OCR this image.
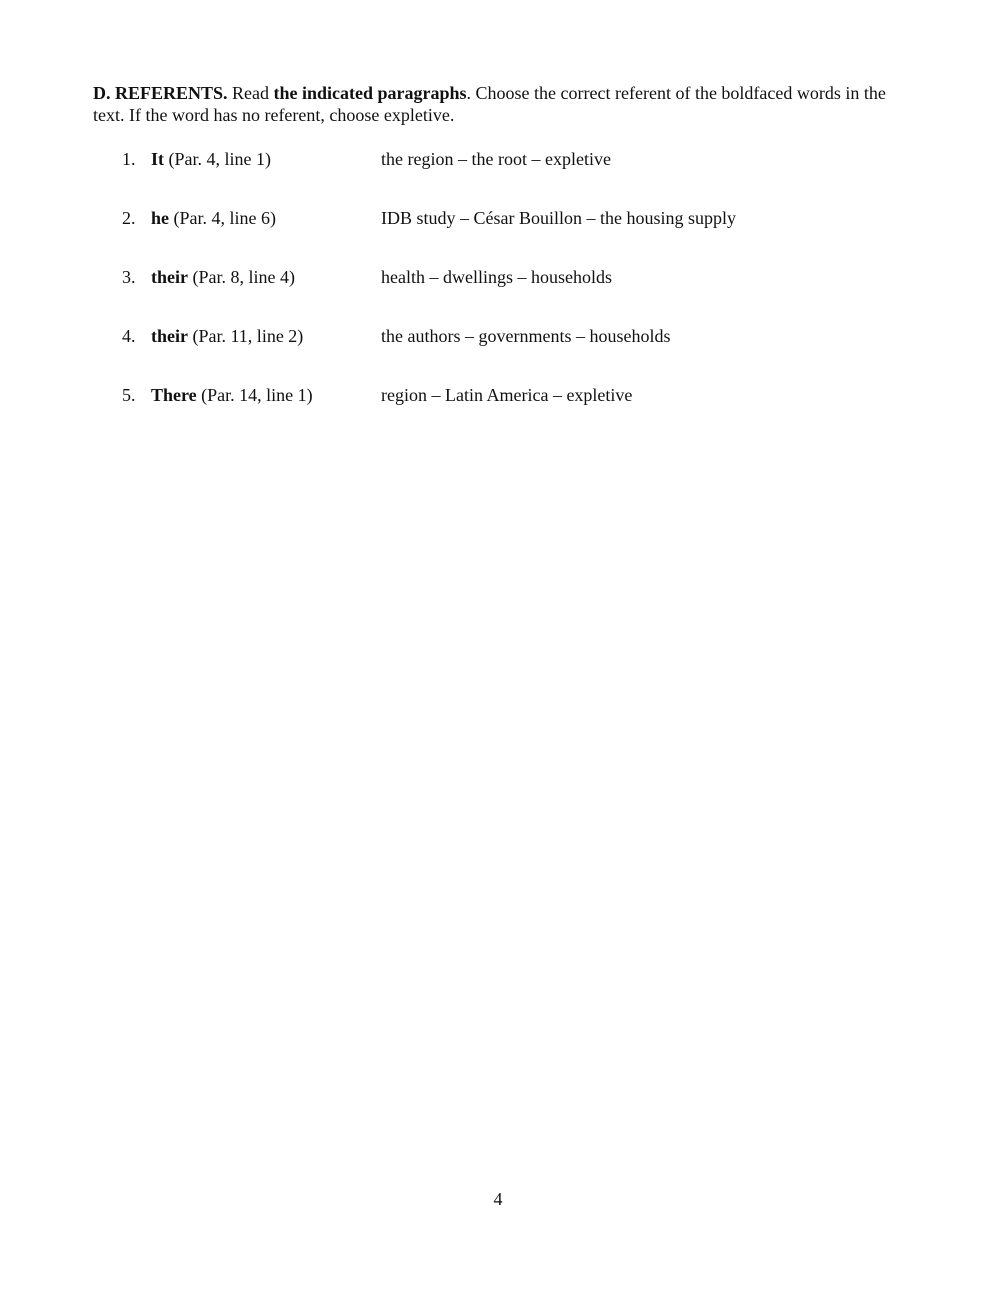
D. REFERENTS. Read the indicated paragraphs. Choose the correct referent of the boldfaced words in the text. If the word has no referent, choose expletive.
1. It (Par. 4, line 1)	the region – the root – expletive
2. he (Par. 4, line 6)	IDB study – César Bouillon – the housing supply
3. their (Par. 8, line 4)	health – dwellings – households
4. their (Par. 11, line 2)	the authors – governments – households
5. There (Par. 14, line 1)	region – Latin America – expletive
4
